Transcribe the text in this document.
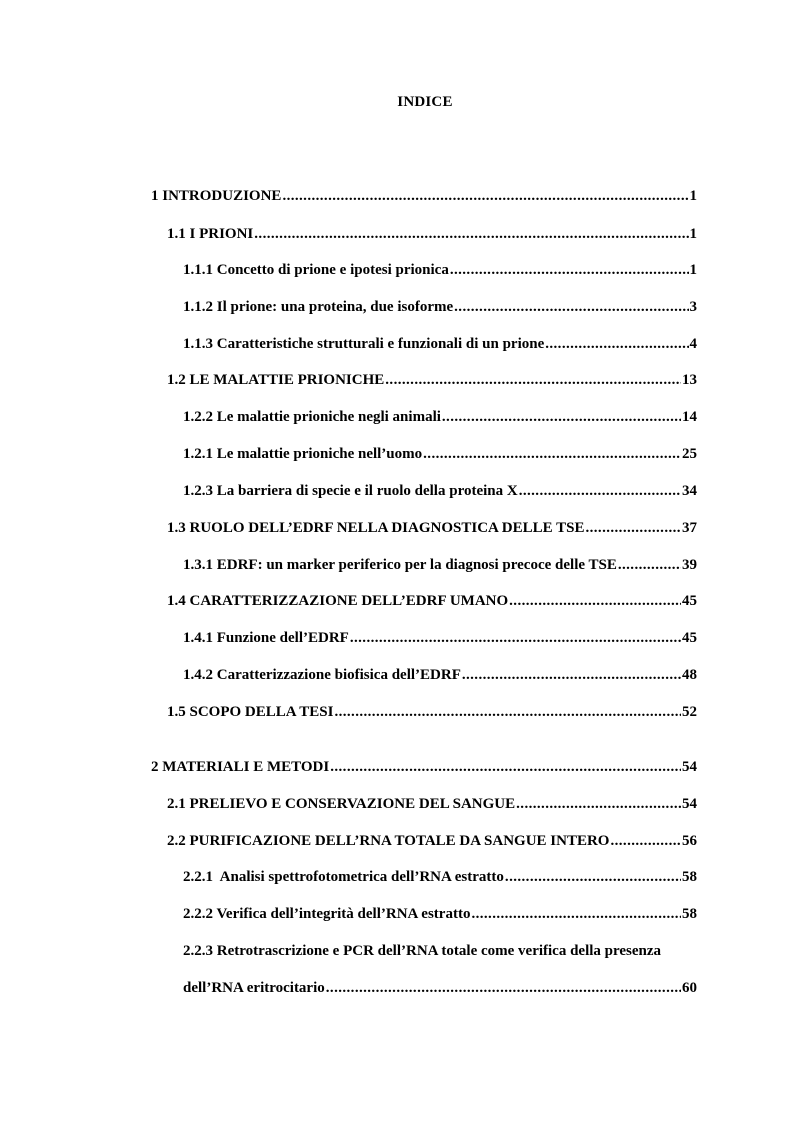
INDICE
1 INTRODUZIONE .....	1
1.1 I PRIONI .....	1
1.1.1 Concetto di prione e ipotesi prionica .....	1
1.1.2 Il prione: una proteina, due isoforme .....	3
1.1.3 Caratteristiche strutturali e funzionali di un prione .....	4
1.2 LE MALATTIE PRIONICHE .....	13
1.2.2 Le malattie prioniche negli animali .....	14
1.2.1 Le malattie prioniche nell’uomo .....	25
1.2.3 La barriera di specie e il ruolo della proteina X .....	34
1.3 RUOLO DELL’EDRF NELLA DIAGNOSTICA DELLE TSE .....	37
1.3.1 EDRF: un marker periferico per la diagnosi precoce delle TSE .....	39
1.4 CARATTERIZZAZIONE DELL’EDRF UMANO .....	45
1.4.1 Funzione dell’EDRF .....	45
1.4.2 Caratterizzazione biofisica dell’EDRF .....	48
1.5 SCOPO DELLA TESI .....	52
2 MATERIALI E METODI .....	54
2.1 PRELIEVO E CONSERVAZIONE DEL SANGUE .....	54
2.2 PURIFICAZIONE DELL’RNA TOTALE DA SANGUE INTERO .....	56
2.2.1  Analisi spettrofotometrica dell’RNA estratto .....	58
2.2.2 Verifica dell’integrità dell’RNA estratto .....	58
2.2.3 Retrotrascrizione e PCR dell’RNA totale come verifica della presenza
dell’RNA eritrocitario .....	60
